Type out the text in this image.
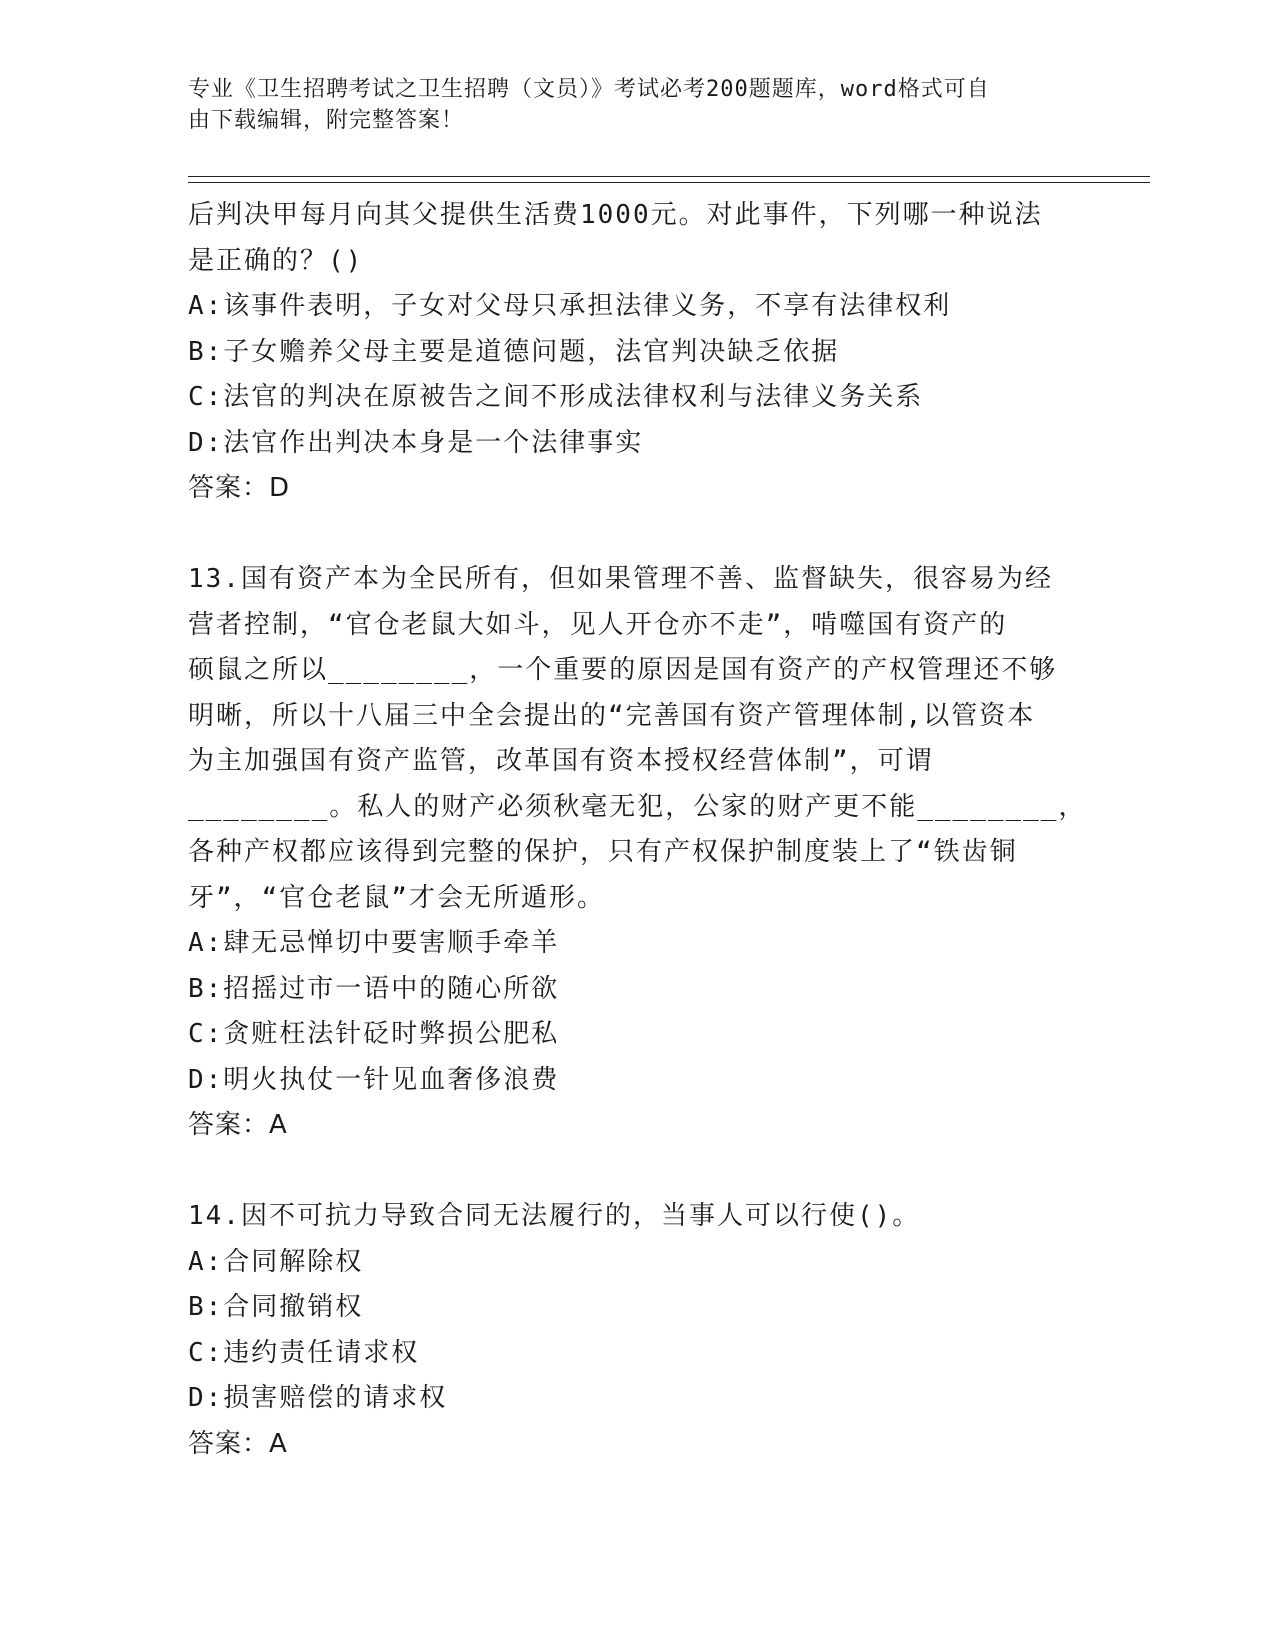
专业《卫生招聘考试之卫生招聘（文员）》考试必考200题题库，word格式可自
由下载编辑，附完整答案！
后判决甲每月向其父提供生活费1000元。对此事件，下列哪一种说法
是正确的？()
A:该事件表明，子女对父母只承担法律义务，不享有法律权利
B:子女赡养父母主要是道德问题，法官判决缺乏依据
C:法官的判决在原被告之间不形成法律权利与法律义务关系
D:法官作出判决本身是一个法律事实
答案：D
13.国有资产本为全民所有，但如果管理不善、监督缺失，很容易为经
营者控制，“官仓老鼠大如斗，见人开仓亦不走”，啃噬国有资产的
硕鼠之所以________，一个重要的原因是国有资产的产权管理还不够
明晰，所以十八届三中全会提出的“完善国有资产管理体制,以管资本
为主加强国有资产监管，改革国有资本授权经营体制”，可谓
________。私人的财产必须秋毫无犯，公家的财产更不能________，
各种产权都应该得到完整的保护，只有产权保护制度装上了“铁齿铜
牙”，“官仓老鼠”才会无所遁形。
A:肆无忌惮切中要害顺手牵羊
B:招摇过市一语中的随心所欲
C:贪赃枉法针砭时弊损公肥私
D:明火执仗一针见血奢侈浪费
答案：A
14.因不可抗力导致合同无法履行的，当事人可以行使()。
A:合同解除权
B:合同撤销权
C:违约责任请求权
D:损害赔偿的请求权
答案：A
